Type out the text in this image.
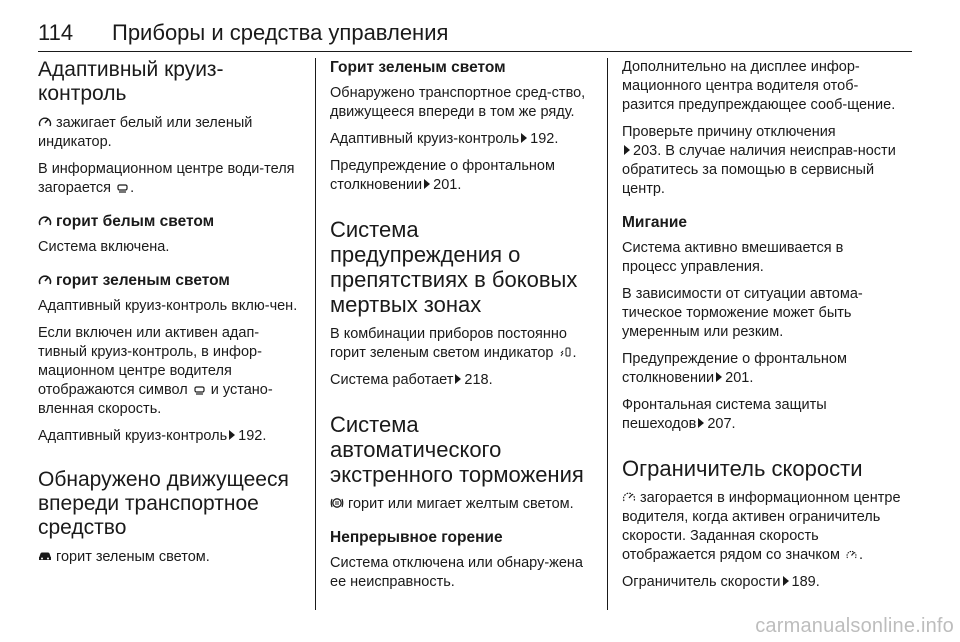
114 Приборы и средства управления
Адаптивный круиз-контроль
зажигает белый или зеленый индикатор.
В информационном центре води-теля загорается .
горит белым светом
Система включена.
горит зеленым светом
Адаптивный круиз-контроль вклю-чен.
Если включен или активен адап-тивный круиз-контроль, в инфор-мационном центре водителя отображаются символ и устано-вленная скорость.
Адаптивный круиз-контроль 192.
Обнаружено движущееся впереди транспортное средство
горит зеленым светом.
Горит зеленым светом
Обнаружено транспортное сред-ство, движущееся впереди в том же ряду.
Адаптивный круиз-контроль 192.
Предупреждение о фронтальном столкновении 201.
Система предупреждения о препятствиях в боковых мертвых зонах
В комбинации приборов постоянно горит зеленым светом индикатор .
Система работает 218.
Система автоматического экстренного торможения
горит или мигает желтым светом.
Непрерывное горение
Система отключена или обнару-жена ее неисправность.
Дополнительно на дисплее инфор-мационного центра водителя отоб-разится предупреждающее сооб-щение.
Проверьте причину отключения
203. В случае наличия неисправ-ности обратитесь за помощью в сервисный центр.
Мигание
Система активно вмешивается в процесс управления.
В зависимости от ситуации автома-тическое торможение может быть умеренным или резким.
Предупреждение о фронтальном столкновении 201.
Фронтальная система защиты пешеходов 207.
Ограничитель скорости
загорается в информационном центре водителя, когда активен ограничитель скорости. Заданная скорость отображается рядом со значком .
Ограничитель скорости 189.
carmanualsonline.info
